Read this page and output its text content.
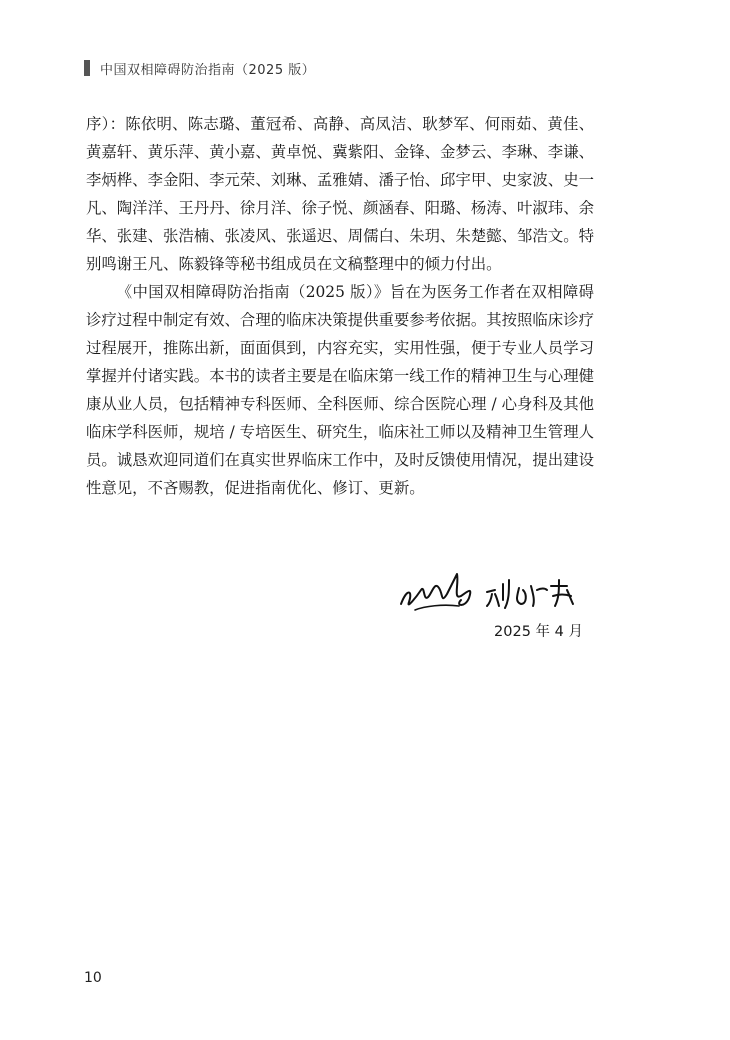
中国双相障碍防治指南（2025 版）

序）：陈依明、陈志璐、董冠希、高静、高凤洁、耿梦军、何雨茹、黄佳、黄嘉轩、黄乐萍、黄小嘉、黄卓悦、冀紫阳、金锋、金梦云、李琳、李谦、李炳桦、李金阳、李元荣、刘琳、孟雅婧、潘子怡、邱宇甲、史家波、史一凡、陶洋洋、王丹丹、徐月洋、徐子悦、颜涵春、阳璐、杨涛、叶淑玮、余华、张建、张浩楠、张凌风、张遥迟、周儒白、朱玥、朱楚懿、邹浩文。特别鸣谢王凡、陈毅锋等秘书组成员在文稿整理中的倾力付出。

《中国双相障碍防治指南（2025 版）》旨在为医务工作者在双相障碍诊疗过程中制定有效、合理的临床决策提供重要参考依据。其按照临床诊疗过程展开，推陈出新，面面俱到，内容充实，实用性强，便于专业人员学习掌握并付诸实践。本书的读者主要是在临床第一线工作的精神卫生与心理健康从业人员，包括精神专科医师、全科医师、综合医院心理 / 心身科及其他临床学科医师，规培 / 专培医生、研究生，临床社工师以及精神卫生管理人员。诚恳欢迎同道们在真实世界临床工作中，及时反馈使用情况，提出建设性意见，不吝赐教，促进指南优化、修订、更新。

2025 年 4 月
10
